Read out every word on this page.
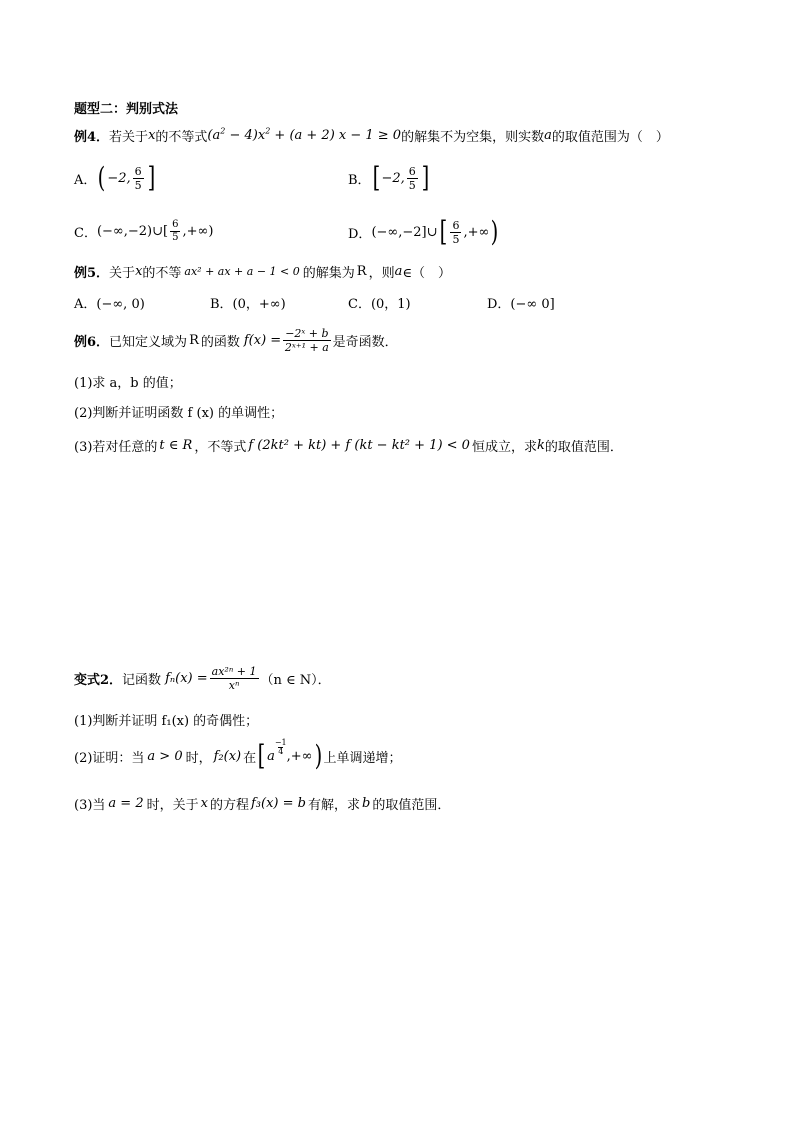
题型二：判别式法
例4． 若关于 x 的不等式 $(a^2 - 4)x^2 + (a + 2) x - 1 \ge 0$ 的解集不为空集，则实数 a 的取值范围为（　）
A． ( −2, $\frac{6}{5}$ ]	B． [ −2, $\frac{6}{5}$ ]
C． (−∞,−2)∪[ $\frac{6}{5}$ ,+∞)	D． (−∞,−2]∪ [ $\frac{6}{5}$ ,+∞ )
例5． 关于 x 的不等 ax² + ax + a − 1 < 0 的解集为 R ，则 a ∈（　）
A．(−∞, 0)	B．(0，+∞)	C．(0，1)	D．(−∞ 0]
例6． 已知定义域为 R 的函数 $f(x) = \frac{\text{−2ˣ + b}}{\text{2ˣ⁺¹ + a}}$ 是奇函数．
(1)求 a，b 的值；
(2)判断并证明函数 f (x) 的单调性；
(3)若对任意的 t ∈ R ，不等式 f (2kt² + kt) + f (kt − kt² + 1) < 0 恒成立，求 k 的取值范围．
变式2． 记函数 $f_n(x) = \frac{\text{ax²ⁿ + 1}}{\text{xⁿ}} (n$ ∈ N）．
(1)判断并证明 f₁(x) 的奇偶性；
(2)证明：当 a > 0 时， f₂(x) 在 [ a
−1
4 ,+∞ ) 上单调递增；
(3)当 a = 2 时，关于 x 的方程 f₃(x) = b 有解，求 b 的取值范围．
